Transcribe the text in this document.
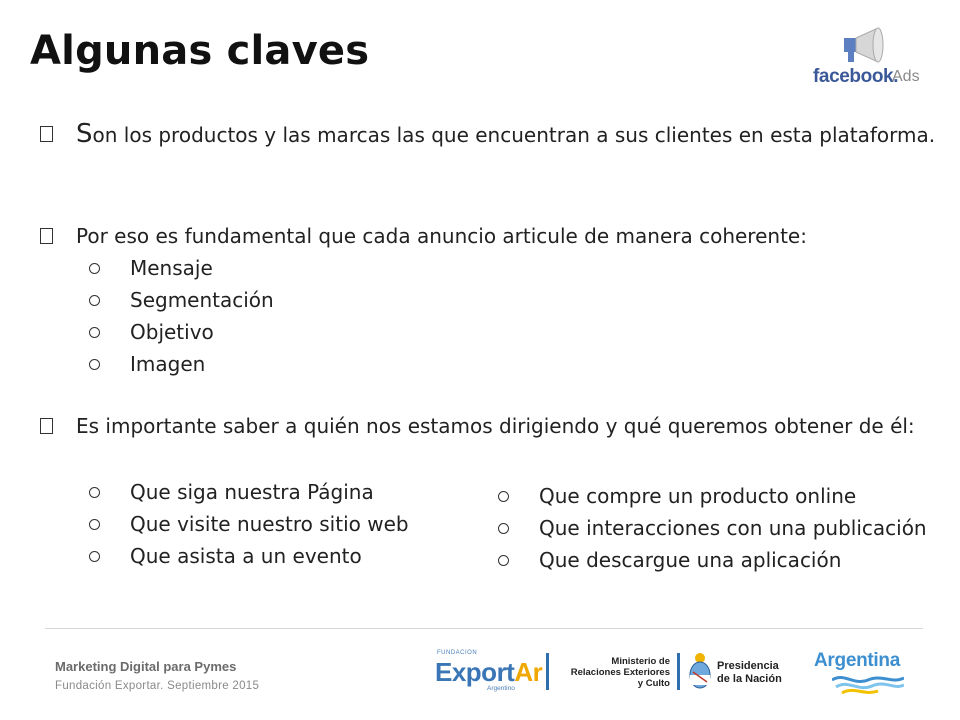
Algunas claves
facebook.
Ads

Son los productos y las marcas las que encuentran a sus clientes en esta plataforma.

Por eso es fundamental que cada anuncio articule de manera coherente:

Mensaje
Segmentación
Objetivo
Imagen

Es importante saber a quién nos estamos dirigiendo y qué queremos obtener de él:

Que siga nuestra Página
Que visite nuestro sitio web
Que asista a un evento
Que compre un producto online
Que interacciones con una publicación
Que descargue una aplicación
Marketing Digital para Pymes
Fundación Exportar. Septiembre 2015
FUNDACION
ExportAr
Argentino
Ministerio de
Relaciones Exteriores
y Culto
Presidencia
de la Nación
Argentina
